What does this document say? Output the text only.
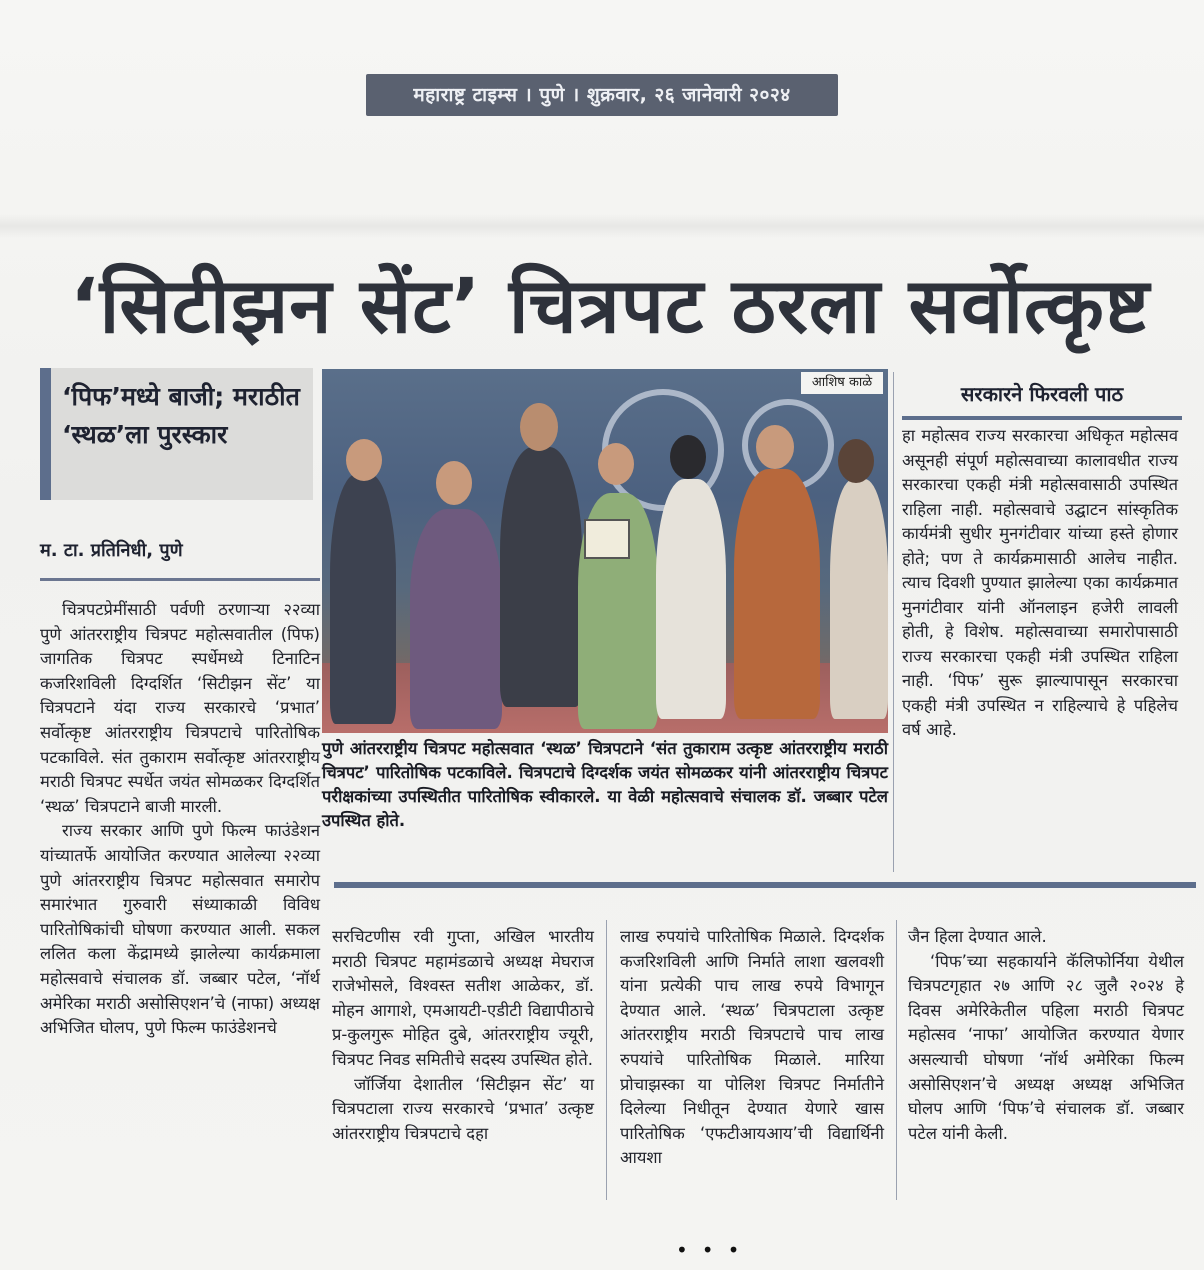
महाराष्ट्र टाइम्स । पुणे । शुक्रवार, २६ जानेवारी २०२४
‘सिटीझन सेंट’ चित्रपट ठरला सर्वोत्कृष्ट
‘पिफ’मध्ये बाजी; मराठीत ‘स्थळ’ला पुरस्कार
म. टा. प्रतिनिधी, पुणे

चित्रपटप्रेमींसाठी पर्वणी ठरणाऱ्या २२व्या पुणे आंतरराष्ट्रीय चित्रपट महोत्सवातील (पिफ) जागतिक चित्रपट स्पर्धेमध्ये टिनाटिन कजरिशविली दिग्दर्शित ‘सिटीझन सेंट’ या चित्रपटाने यंदा राज्य सरकारचे ‘प्रभात’ सर्वोत्कृष्ट आंतरराष्ट्रीय चित्रपटाचे पारितोषिक पटकाविले. संत तुकाराम सर्वोत्कृष्ट आंतरराष्ट्रीय मराठी चित्रपट स्पर्धेत जयंत सोमळकर दिग्दर्शित ‘स्थळ’ चित्रपटाने बाजी मारली.

राज्य सरकार आणि पुणे फिल्म फाउंडेशन यांच्यातर्फे आयोजित करण्यात आलेल्या २२व्या पुणे आंतरराष्ट्रीय चित्रपट महोत्सवात समारोप समारंभात गुरुवारी संध्याकाळी विविध पारितोषिकांची घोषणा करण्यात आली. सकल ललित कला केंद्रामध्ये झालेल्या कार्यक्रमाला महोत्सवाचे संचालक डॉ. जब्बार पटेल, ‘नॉर्थ अमेरिका मराठी असोसिएशन’चे (नाफा) अध्यक्ष अभिजित घोलप, पुणे फिल्म फाउंडेशनचे

आशिष काळे
पुणे आंतरराष्ट्रीय चित्रपट महोत्सवात ‘स्थळ’ चित्रपटाने ‘संत तुकाराम उत्कृष्ट आंतरराष्ट्रीय मराठी चित्रपट’ पारितोषिक पटकाविले. चित्रपटाचे दिग्दर्शक जयंत सोमळकर यांनी आंतरराष्ट्रीय चित्रपट परीक्षकांच्या उपस्थितीत पारितोषिक स्वीकारले. या वेळी महोत्सवाचे संचालक डॉ. जब्बार पटेल उपस्थित होते.
सरकारने फिरवली पाठ

हा महोत्सव राज्य सरकारचा अधिकृत महोत्सव असूनही संपूर्ण महोत्सवाच्या कालावधीत राज्य सरकारचा एकही मंत्री महोत्सवासाठी उपस्थित राहिला नाही. महोत्सवाचे उद्घाटन सांस्कृतिक कार्यमंत्री सुधीर मुनगंटीवार यांच्या हस्ते होणार होते; पण ते कार्यक्रमासाठी आलेच नाहीत. त्याच दिवशी पुण्यात झालेल्या एका कार्यक्रमात मुनगंटीवार यांनी ऑनलाइन हजेरी लावली होती, हे विशेष. महोत्सवाच्या समारोपासाठी राज्य सरकारचा एकही मंत्री उपस्थित राहिला नाही. ‘पिफ’ सुरू झाल्यापासून सरकारचा एकही मंत्री उपस्थित न राहिल्याचे हे पहिलेच वर्ष आहे.

सरचिटणीस रवी गुप्ता, अखिल भारतीय मराठी चित्रपट महामंडळाचे अध्यक्ष मेघराज राजेभोसले, विश्वस्त सतीश आळेकर, डॉ. मोहन आगाशे, एमआयटी-एडीटी विद्यापीठाचे प्र-कुलगुरू मोहित दुबे, आंतरराष्ट्रीय ज्यूरी, चित्रपट निवड समितीचे सदस्य उपस्थित होते.

जॉर्जिया देशातील ‘सिटीझन सेंट’ या चित्रपटाला राज्य सरकारचे ‘प्रभात’ उत्कृष्ट आंतरराष्ट्रीय चित्रपटाचे दहा

लाख रुपयांचे पारितोषिक मिळाले. दिग्दर्शक कजरिशविली आणि निर्माते लाशा खलवशी यांना प्रत्येकी पाच लाख रुपये विभागून देण्यात आले. ‘स्थळ’ चित्रपटाला उत्कृष्ट आंतरराष्ट्रीय मराठी चित्रपटाचे पाच लाख रुपयांचे पारितोषिक मिळाले. मारिया प्रोचाझस्का या पोलिश चित्रपट निर्मातीने दिलेल्या निधीतून देण्यात येणारे खास पारितोषिक ‘एफटीआयआय’ची विद्यार्थिनी आयशा

जैन हिला देण्यात आले.

‘पिफ’च्या सहकार्याने कॅलिफोर्निया येथील चित्रपटगृहात २७ आणि २८ जुलै २०२४ हे दिवस अमेरिकेतील पहिला मराठी चित्रपट महोत्सव ‘नाफा’ आयोजित करण्यात येणार असल्याची घोषणा ‘नॉर्थ अमेरिका फिल्म असोसिएशन’चे अध्यक्ष अध्यक्ष अभिजित घोलप आणि ‘पिफ’चे संचालक डॉ. जब्बार पटेल यांनी केली.

•••
